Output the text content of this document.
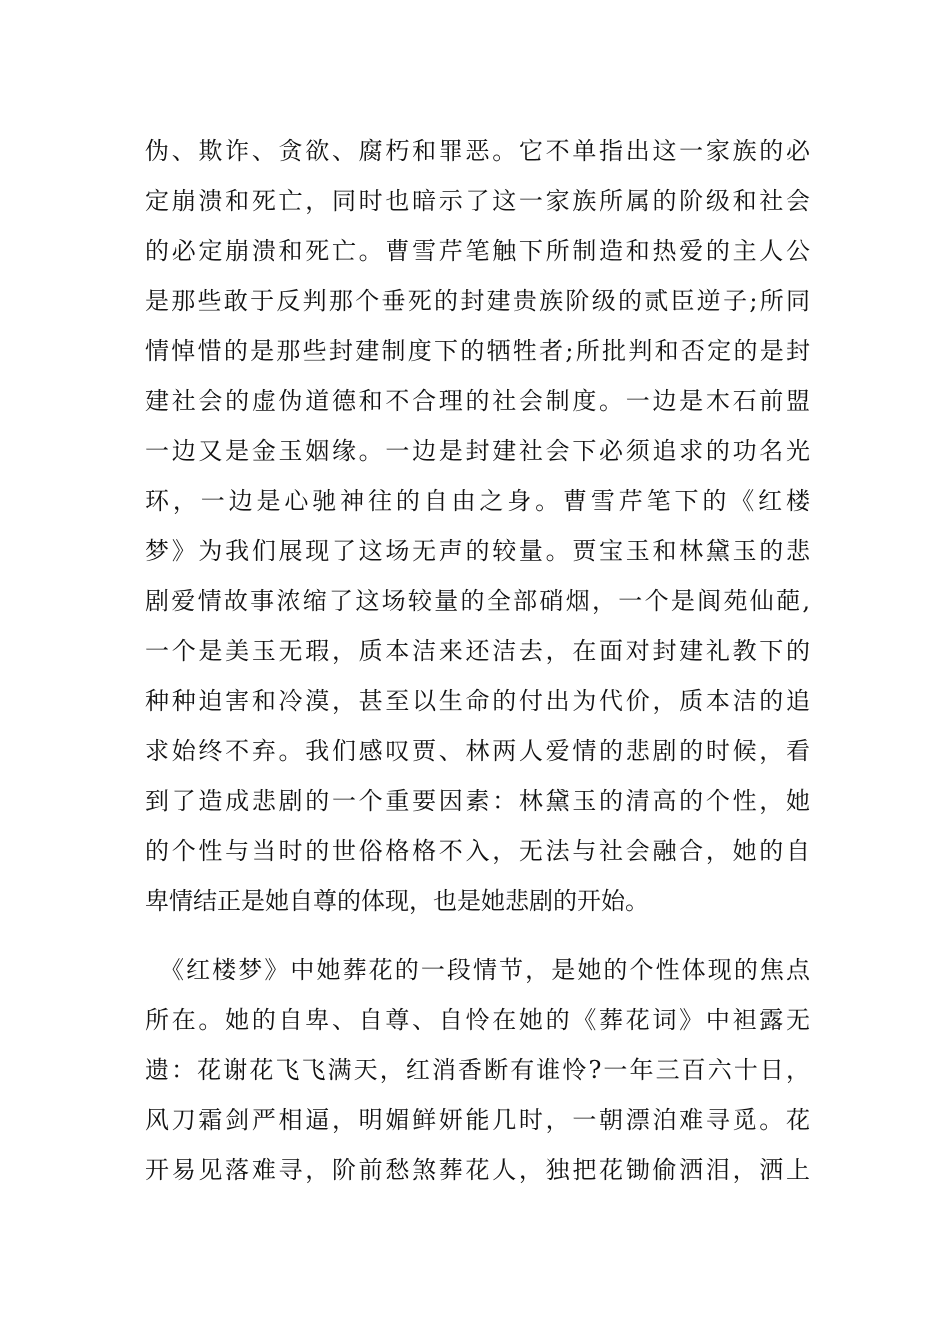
伪、欺诈、贪欲、腐朽和罪恶。它不单指出这一家族的必
定崩溃和死亡，同时也暗示了这一家族所属的阶级和社会
的必定崩溃和死亡。曹雪芹笔触下所制造和热爱的主人公
是那些敢于反判那个垂死的封建贵族阶级的贰臣逆子;所同
情悼惜的是那些封建制度下的牺牲者;所批判和否定的是封
建社会的虚伪道德和不合理的社会制度。一边是木石前盟
一边又是金玉姻缘。一边是封建社会下必须追求的功名光
环，一边是心驰神往的自由之身。曹雪芹笔下的《红楼
梦》为我们展现了这场无声的较量。贾宝玉和林黛玉的悲
剧爱情故事浓缩了这场较量的全部硝烟，一个是阆苑仙葩,
一个是美玉无瑕，质本洁来还洁去，在面对封建礼教下的
种种迫害和冷漠，甚至以生命的付出为代价，质本洁的追
求始终不弃。我们感叹贾、林两人爱情的悲剧的时候，看
到了造成悲剧的一个重要因素：林黛玉的清高的个性，她
的个性与当时的世俗格格不入，无法与社会融合，她的自
卑情结正是她自尊的体现，也是她悲剧的开始。
《红楼梦》中她葬花的一段情节，是她的个性体现的焦点
所在。她的自卑、自尊、自怜在她的《葬花词》中袒露无
遗：花谢花飞飞满天，红消香断有谁怜?一年三百六十日，
风刀霜剑严相逼，明媚鲜妍能几时，一朝漂泊难寻觅。花
开易见落难寻，阶前愁煞葬花人，独把花锄偷洒泪，洒上
